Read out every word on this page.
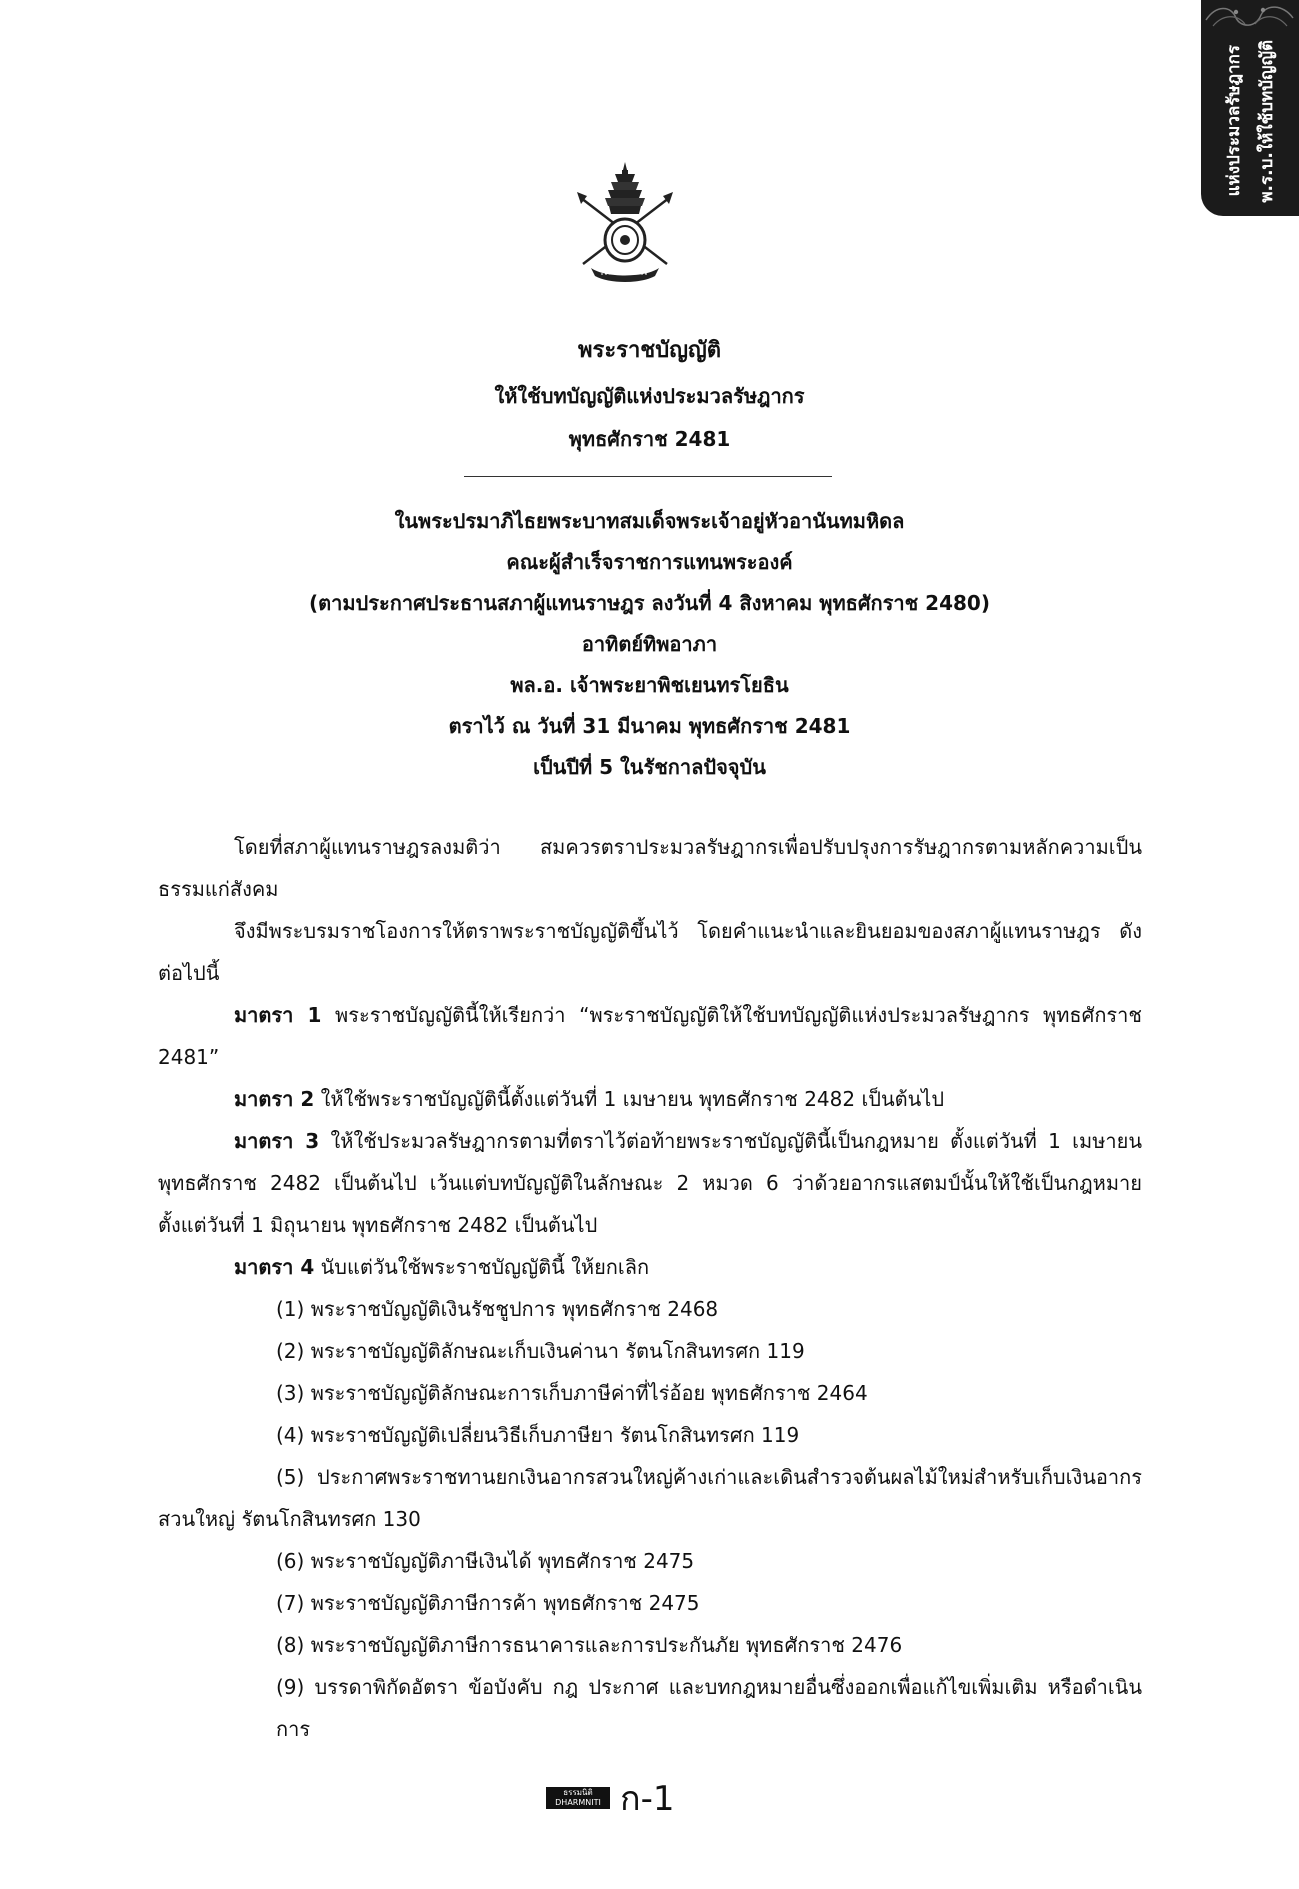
พ.ร.บ.ให้ใช้บทบัญญัติ
แห่งประมวลรัษฎากร
พระราชบัญญัติ
ให้ใช้บทบัญญัติแห่งประมวลรัษฎากร
พุทธศักราช 2481
ในพระปรมาภิไธยพระบาทสมเด็จพระเจ้าอยู่หัวอานันทมหิดล
คณะผู้สำเร็จราชการแทนพระองค์
(ตามประกาศประธานสภาผู้แทนราษฎร ลงวันที่ 4 สิงหาคม พุทธศักราช 2480)
อาทิตย์ทิพอาภา
พล.อ. เจ้าพระยาพิชเยนทรโยธิน
ตราไว้ ณ วันที่ 31 มีนาคม พุทธศักราช 2481
เป็นปีที่ 5 ในรัชกาลปัจจุบัน

โดยที่สภาผู้แทนราษฎรลงมติว่า สมควรตราประมวลรัษฎากรเพื่อปรับปรุงการรัษฎากรตามหลักความเป็นธรรมแก่สังคม

จึงมีพระบรมราชโองการให้ตราพระราชบัญญัติขึ้นไว้ โดยคำแนะนำและยินยอมของสภาผู้แทนราษฎร ดังต่อไปนี้

มาตรา 1 พระราชบัญญัตินี้ให้เรียกว่า “พระราชบัญญัติให้ใช้บทบัญญัติแห่งประมวลรัษฎากร พุทธศักราช 2481”

มาตรา 2 ให้ใช้พระราชบัญญัตินี้ตั้งแต่วันที่ 1 เมษายน พุทธศักราช 2482 เป็นต้นไป

มาตรา 3 ให้ใช้ประมวลรัษฎากรตามที่ตราไว้ต่อท้ายพระราชบัญญัตินี้เป็นกฎหมาย ตั้งแต่วันที่ 1 เมษายน พุทธศักราช 2482 เป็นต้นไป เว้นแต่บทบัญญัติในลักษณะ 2 หมวด 6 ว่าด้วยอากรแสตมป์นั้นให้ใช้เป็นกฎหมาย ตั้งแต่วันที่ 1 มิถุนายน พุทธศักราช 2482 เป็นต้นไป

มาตรา 4 นับแต่วันใช้พระราชบัญญัตินี้ ให้ยกเลิก

(1) พระราชบัญญัติเงินรัชชูปการ พุทธศักราช 2468

(2) พระราชบัญญัติลักษณะเก็บเงินค่านา รัตนโกสินทรศก 119

(3) พระราชบัญญัติลักษณะการเก็บภาษีค่าที่ไร่อ้อย พุทธศักราช 2464

(4) พระราชบัญญัติเปลี่ยนวิธีเก็บภาษียา รัตนโกสินทรศก 119

(5) ประกาศพระราชทานยกเงินอากรสวนใหญ่ค้างเก่าและเดินสำรวจต้นผลไม้ใหม่สำหรับเก็บเงินอากรสวนใหญ่ รัตนโกสินทรศก 130

(6) พระราชบัญญัติภาษีเงินได้ พุทธศักราช 2475

(7) พระราชบัญญัติภาษีการค้า พุทธศักราช 2475

(8) พระราชบัญญัติภาษีการธนาคารและการประกันภัย พุทธศักราช 2476

(9) บรรดาพิกัดอัตรา ข้อบังคับ กฎ ประกาศ และบทกฎหมายอื่นซึ่งออกเพื่อแก้ไขเพิ่มเติม หรือดำเนินการ

ธรรมนิติ
DHARMNITI ก-1
